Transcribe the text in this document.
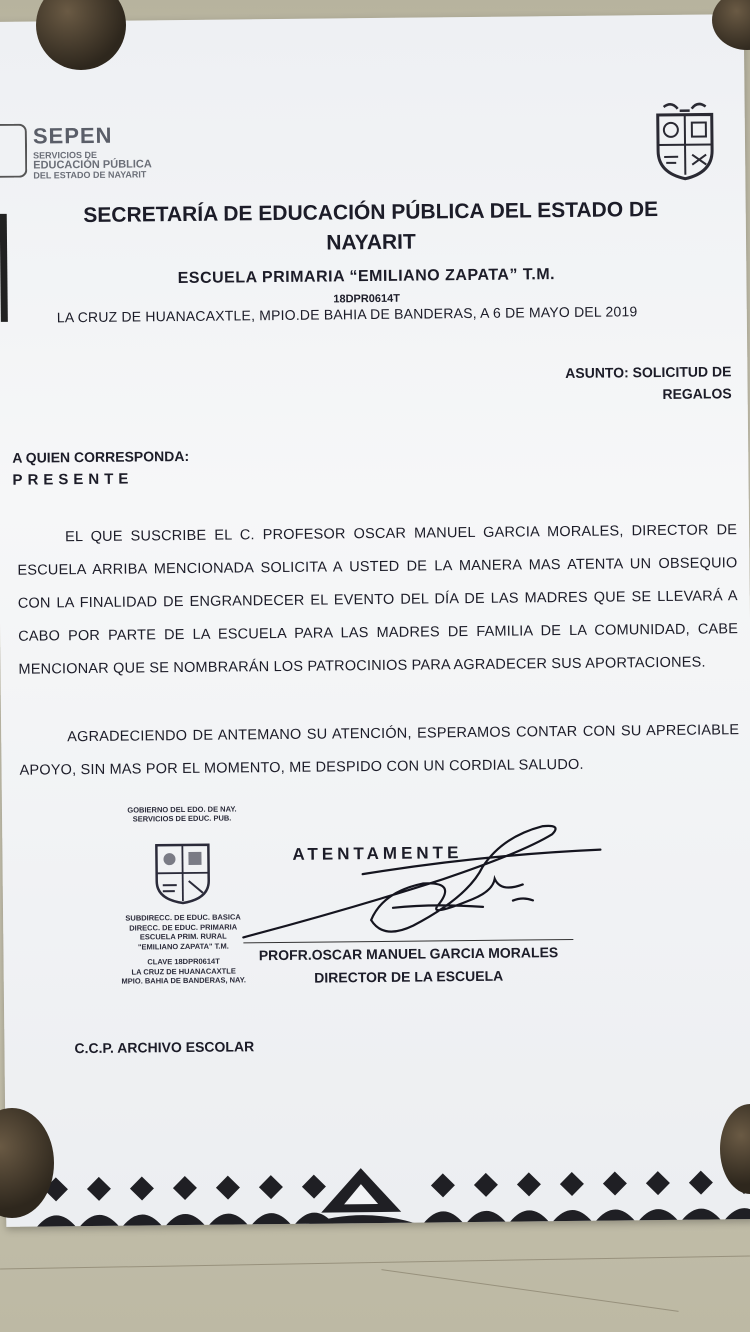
SEPEN
SERVICIOS DE
EDUCACIÓN PÚBLICA
DEL ESTADO DE NAYARIT
SECRETARÍA DE EDUCACIÓN PÚBLICA DEL ESTADO DE NAYARIT
ESCUELA PRIMARIA “EMILIANO ZAPATA” T.M.
18DPR0614T
LA CRUZ DE HUANACAXTLE, MPIO.DE BAHIA DE BANDERAS, A 6 DE MAYO DEL 2019
ASUNTO: SOLICITUD DE
REGALOS
A QUIEN CORRESPONDA:
PRESENTE
EL QUE SUSCRIBE EL C. PROFESOR OSCAR MANUEL GARCIA MORALES, DIRECTOR DE ESCUELA ARRIBA MENCIONADA SOLICITA A USTED DE LA MANERA MAS ATENTA UN OBSEQUIO CON LA FINALIDAD DE ENGRANDECER EL EVENTO DEL DÍA DE LAS MADRES QUE SE LLEVARÁ A CABO POR PARTE DE LA ESCUELA PARA LAS MADRES DE FAMILIA DE LA COMUNIDAD, CABE MENCIONAR QUE SE NOMBRARÁN LOS PATROCINIOS PARA AGRADECER SUS APORTACIONES.
AGRADECIENDO DE ANTEMANO SU ATENCIÓN, ESPERAMOS CONTAR CON SU APRECIABLE APOYO, SIN MAS POR EL MOMENTO, ME DESPIDO CON UN CORDIAL SALUDO.
GOBIERNO DEL EDO. DE NAY.
SERVICIOS DE EDUC. PUB.
SUBDIRECC. DE EDUC. BASICA
DIRECC. DE EDUC. PRIMARIA
ESCUELA PRIM. RURAL
"EMILIANO ZAPATA" T.M.
CLAVE 18DPR0614T
LA CRUZ DE HUANACAXTLE
MPIO. BAHIA DE BANDERAS, NAY.
ATENTAMENTE
PROFR.OSCAR MANUEL GARCIA MORALES
DIRECTOR DE LA ESCUELA
C.C.P. ARCHIVO ESCOLAR
